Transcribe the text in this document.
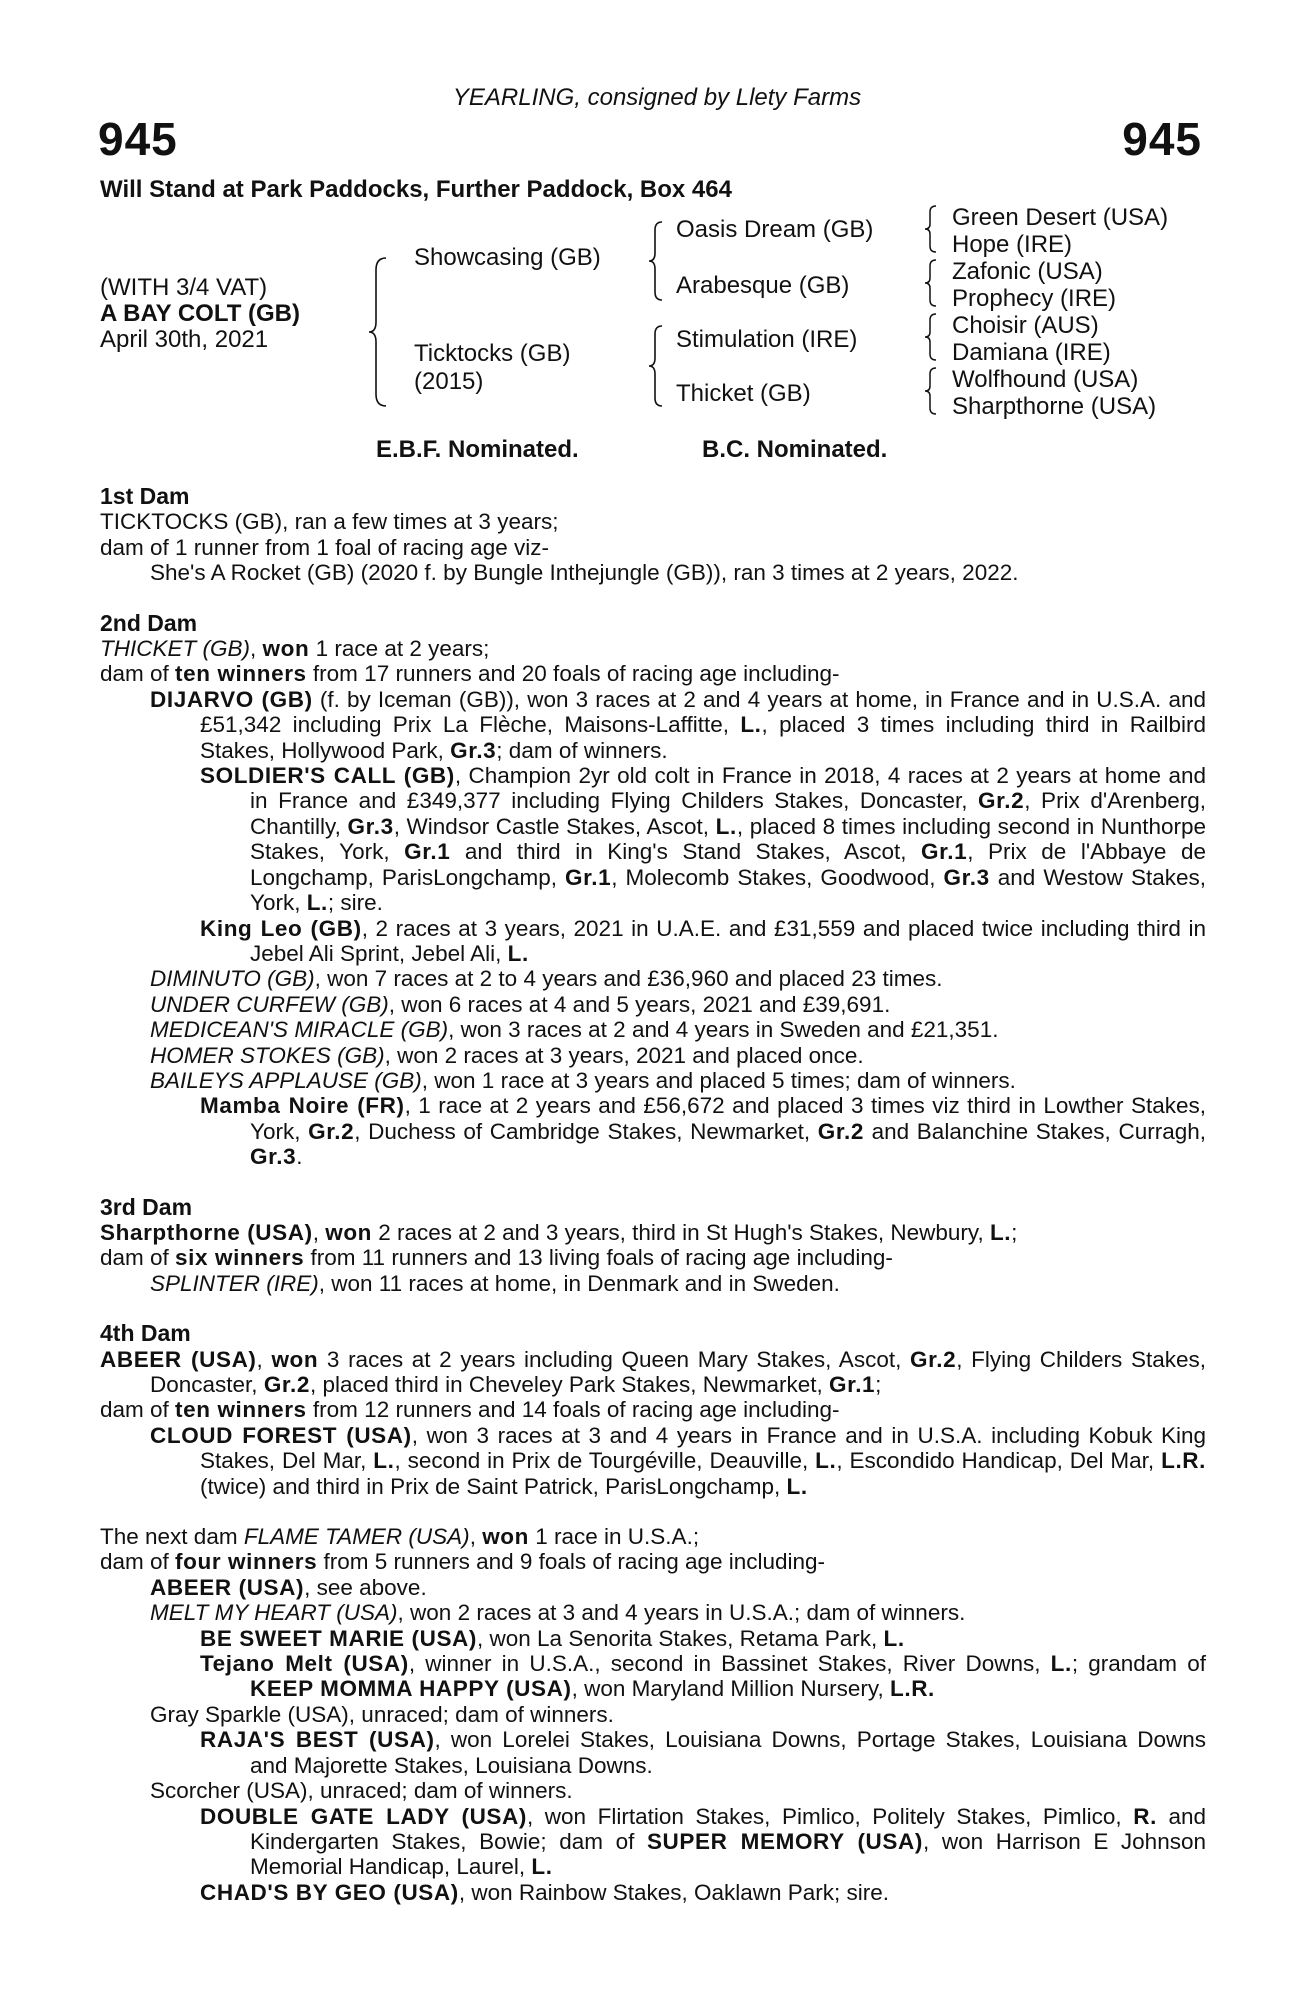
YEARLING, consigned by Llety Farms
945	945
Will Stand at Park Paddocks, Further Paddock, Box 464
(WITH 3/4 VAT)
A BAY COLT (GB)
April 30th, 2021
Showcasing (GB)
Ticktocks (GB)
(2015)
Oasis Dream (GB)
Arabesque (GB)
Stimulation (IRE)
Thicket (GB)
Green Desert (USA)
Hope (IRE)
Zafonic (USA)
Prophecy (IRE)
Choisir (AUS)
Damiana (IRE)
Wolfhound (USA)
Sharpthorne (USA)
E.B.F. Nominated.	B.C. Nominated.

1st Dam

TICKTOCKS (GB), ran a few times at 3 years;

dam of 1 runner from 1 foal of racing age viz-

She's A Rocket (GB) (2020 f. by Bungle Inthejungle (GB)), ran 3 times at 2 years, 2022.

2nd Dam

THICKET (GB), won 1 race at 2 years;

dam of ten winners from 17 runners and 20 foals of racing age including-

DIJARVO (GB) (f. by Iceman (GB)), won 3 races at 2 and 4 years at home, in France and in U.S.A. and £51,342 including Prix La Flèche, Maisons-Laffitte, L., placed 3 times including third in Railbird Stakes, Hollywood Park, Gr.3; dam of winners.

SOLDIER'S CALL (GB), Champion 2yr old colt in France in 2018, 4 races at 2 years at home and in France and £349,377 including Flying Childers Stakes, Doncaster, Gr.2, Prix d'Arenberg, Chantilly, Gr.3, Windsor Castle Stakes, Ascot, L., placed 8 times including second in Nunthorpe Stakes, York, Gr.1 and third in King's Stand Stakes, Ascot, Gr.1, Prix de l'Abbaye de Longchamp, ParisLongchamp, Gr.1, Molecomb Stakes, Goodwood, Gr.3 and Westow Stakes, York, L.; sire.

King Leo (GB), 2 races at 3 years, 2021 in U.A.E. and £31,559 and placed twice including third in Jebel Ali Sprint, Jebel Ali, L.

DIMINUTO (GB), won 7 races at 2 to 4 years and £36,960 and placed 23 times.

UNDER CURFEW (GB), won 6 races at 4 and 5 years, 2021 and £39,691.

MEDICEAN'S MIRACLE (GB), won 3 races at 2 and 4 years in Sweden and £21,351.

HOMER STOKES (GB), won 2 races at 3 years, 2021 and placed once.

BAILEYS APPLAUSE (GB), won 1 race at 3 years and placed 5 times; dam of winners.

Mamba Noire (FR), 1 race at 2 years and £56,672 and placed 3 times viz third in Lowther Stakes, York, Gr.2, Duchess of Cambridge Stakes, Newmarket, Gr.2 and Balanchine Stakes, Curragh, Gr.3.

3rd Dam

Sharpthorne (USA), won 2 races at 2 and 3 years, third in St Hugh's Stakes, Newbury, L.;

dam of six winners from 11 runners and 13 living foals of racing age including-

SPLINTER (IRE), won 11 races at home, in Denmark and in Sweden.

4th Dam

ABEER (USA), won 3 races at 2 years including Queen Mary Stakes, Ascot, Gr.2, Flying Childers Stakes, Doncaster, Gr.2, placed third in Cheveley Park Stakes, Newmarket, Gr.1;

dam of ten winners from 12 runners and 14 foals of racing age including-

CLOUD FOREST (USA), won 3 races at 3 and 4 years in France and in U.S.A. including Kobuk King Stakes, Del Mar, L., second in Prix de Tourgéville, Deauville, L., Escondido Handicap, Del Mar, L.R. (twice) and third in Prix de Saint Patrick, ParisLongchamp, L.

The next dam FLAME TAMER (USA), won 1 race in U.S.A.;

dam of four winners from 5 runners and 9 foals of racing age including-

ABEER (USA), see above.

MELT MY HEART (USA), won 2 races at 3 and 4 years in U.S.A.; dam of winners.

BE SWEET MARIE (USA), won La Senorita Stakes, Retama Park, L.

Tejano Melt (USA), winner in U.S.A., second in Bassinet Stakes, River Downs, L.; grandam of KEEP MOMMA HAPPY (USA), won Maryland Million Nursery, L.R.

Gray Sparkle (USA), unraced; dam of winners.

RAJA'S BEST (USA), won Lorelei Stakes, Louisiana Downs, Portage Stakes, Louisiana Downs and Majorette Stakes, Louisiana Downs.

Scorcher (USA), unraced; dam of winners.

DOUBLE GATE LADY (USA), won Flirtation Stakes, Pimlico, Politely Stakes, Pimlico, R. and Kindergarten Stakes, Bowie; dam of SUPER MEMORY (USA), won Harrison E Johnson Memorial Handicap, Laurel, L.

CHAD'S BY GEO (USA), won Rainbow Stakes, Oaklawn Park; sire.
